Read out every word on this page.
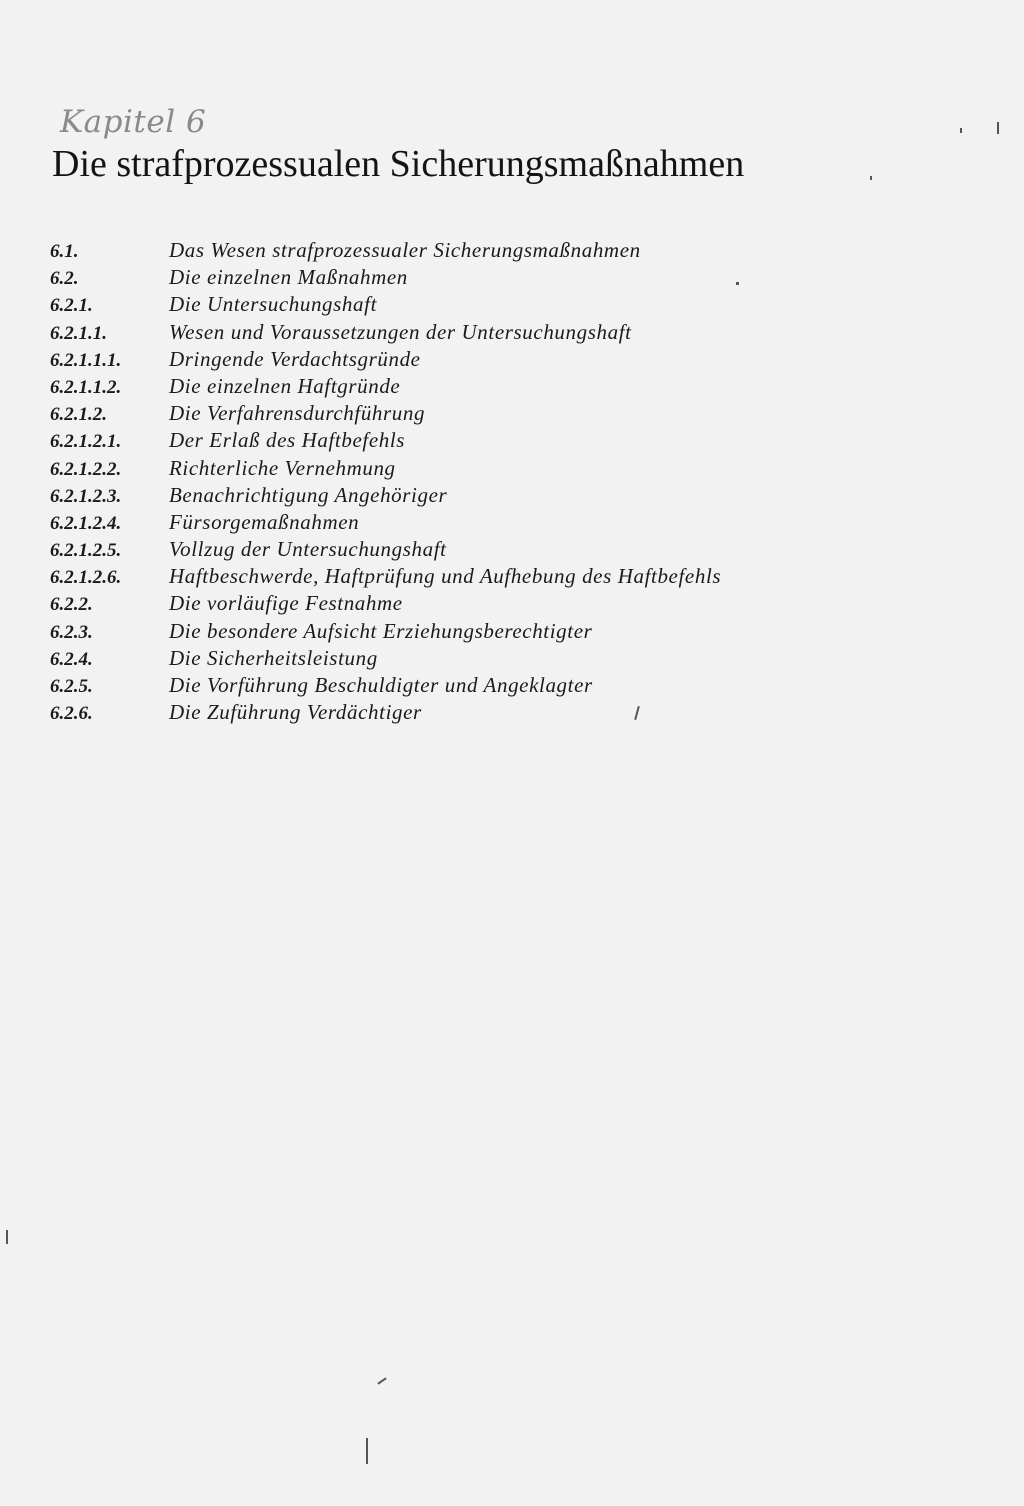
Kapitel 6
Die strafprozessualen Sicherungsmaßnahmen
6.1.	Das Wesen strafprozessualer Sicherungsmaßnahmen
6.2.	Die einzelnen Maßnahmen
6.2.1.	Die Untersuchungshaft
6.2.1.1.	Wesen und Voraussetzungen der Untersuchungshaft
6.2.1.1.1.	Dringende Verdachtsgründe
6.2.1.1.2.	Die einzelnen Haftgründe
6.2.1.2.	Die Verfahrensdurchführung
6.2.1.2.1.	Der Erlaß des Haftbefehls
6.2.1.2.2.	Richterliche Vernehmung
6.2.1.2.3.	Benachrichtigung Angehöriger
6.2.1.2.4.	Fürsorgemaßnahmen
6.2.1.2.5.	Vollzug der Untersuchungshaft
6.2.1.2.6.	Haftbeschwerde, Haftprüfung und Aufhebung des Haftbefehls
6.2.2.	Die vorläufige Festnahme
6.2.3.	Die besondere Aufsicht Erziehungsberechtigter
6.2.4.	Die Sicherheitsleistung
6.2.5.	Die Vorführung Beschuldigter und Angeklagter
6.2.6.	Die Zuführung Verdächtiger
